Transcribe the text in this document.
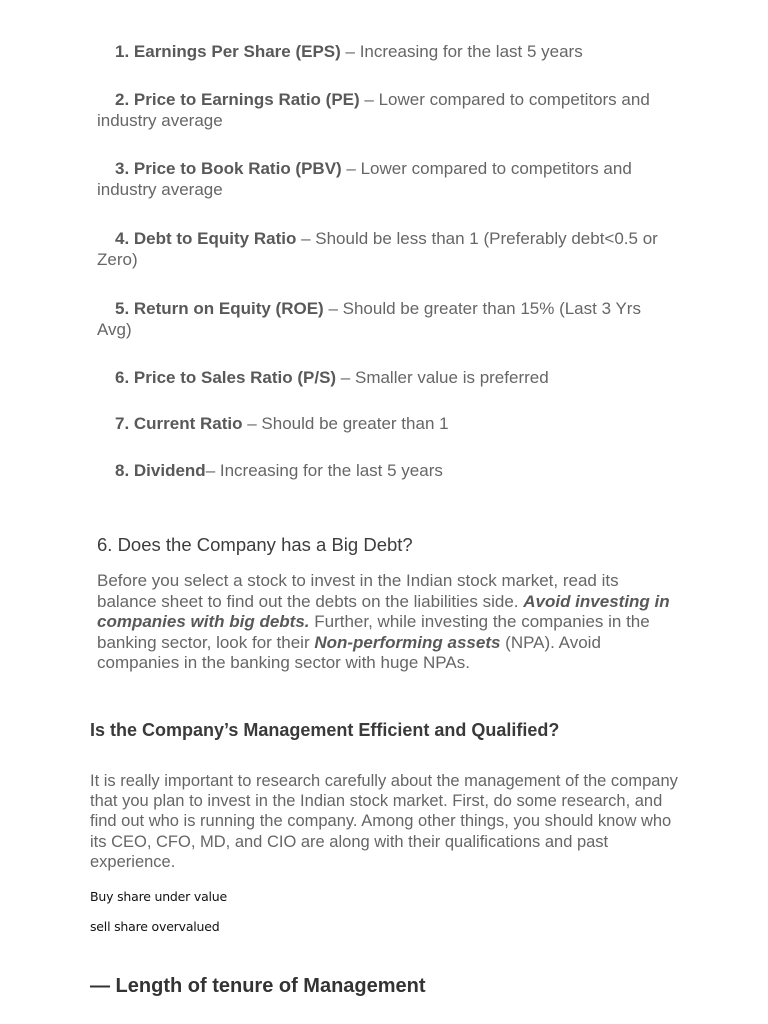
1. Earnings Per Share (EPS) – Increasing for the last 5 years

2. Price to Earnings Ratio (PE) – Lower compared to competitors and industry average

3. Price to Book Ratio (PBV) – Lower compared to competitors and industry average

4. Debt to Equity Ratio – Should be less than 1 (Preferably debt<0.5 or Zero)

5. Return on Equity (ROE) – Should be greater than 15% (Last 3 Yrs Avg)

6. Price to Sales Ratio (P/S) – Smaller value is preferred

7. Current Ratio – Should be greater than 1

8. Dividend– Increasing for the last 5 years

6. Does the Company has a Big Debt?

Before you select a stock to invest in the Indian stock market, read its balance sheet to find out the debts on the liabilities side. Avoid investing in companies with big debts. Further, while investing the companies in the banking sector, look for their Non-performing assets (NPA). Avoid companies in the banking sector with huge NPAs.

Is the Company’s Management Efficient and Qualified?

It is really important to research carefully about the management of the company that you plan to invest in the Indian stock market. First, do some research, and find out who is running the company. Among other things, you should know who its CEO, CFO, MD, and CIO are along with their qualifications and past experience.

Buy share under value

sell share overvalued

— Length of tenure of Management
